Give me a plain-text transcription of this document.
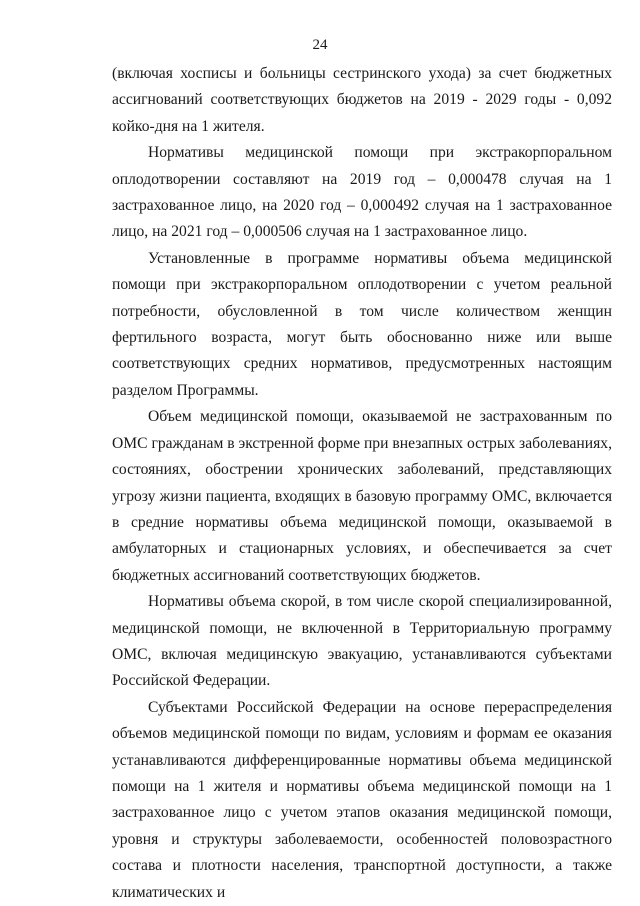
24

(включая хосписы и больницы сестринского ухода) за счет бюджетных ассигнований соответствующих бюджетов на 2019 - 2029 годы - 0,092 койко-дня на 1 жителя.

Нормативы медицинской помощи при экстракорпоральном оплодотворении составляют на 2019 год – 0,000478 случая на 1 застрахованное лицо, на 2020 год – 0,000492 случая на 1 застрахованное лицо, на 2021 год – 0,000506 случая на 1 застрахованное лицо.

Установленные в программе нормативы объема медицинской помощи при экстракорпоральном оплодотворении с учетом реальной потребности, обусловленной в том числе количеством женщин фертильного возраста, могут быть обоснованно ниже или выше соответствующих средних нормативов, предусмотренных настоящим разделом Программы.

Объем медицинской помощи, оказываемой не застрахованным по ОМС гражданам в экстренной форме при внезапных острых заболеваниях, состояниях, обострении хронических заболеваний, представляющих угрозу жизни пациента, входящих в базовую программу ОМС, включается в средние нормативы объема медицинской помощи, оказываемой в амбулаторных и стационарных условиях, и обеспечивается за счет бюджетных ассигнований соответствующих бюджетов.

Нормативы объема скорой, в том числе скорой специализированной, медицинской помощи, не включенной в Территориальную программу ОМС, включая медицинскую эвакуацию, устанавливаются субъектами Российской Федерации.

Субъектами Российской Федерации на основе перераспределения объемов медицинской помощи по видам, условиям и формам ее оказания устанавливаются дифференцированные нормативы объема медицинской помощи на 1 жителя и нормативы объема медицинской помощи на 1 застрахованное лицо с учетом этапов оказания медицинской помощи, уровня и структуры заболеваемости, особенностей половозрастного состава и плотности населения, транспортной доступности, а также климатических и
